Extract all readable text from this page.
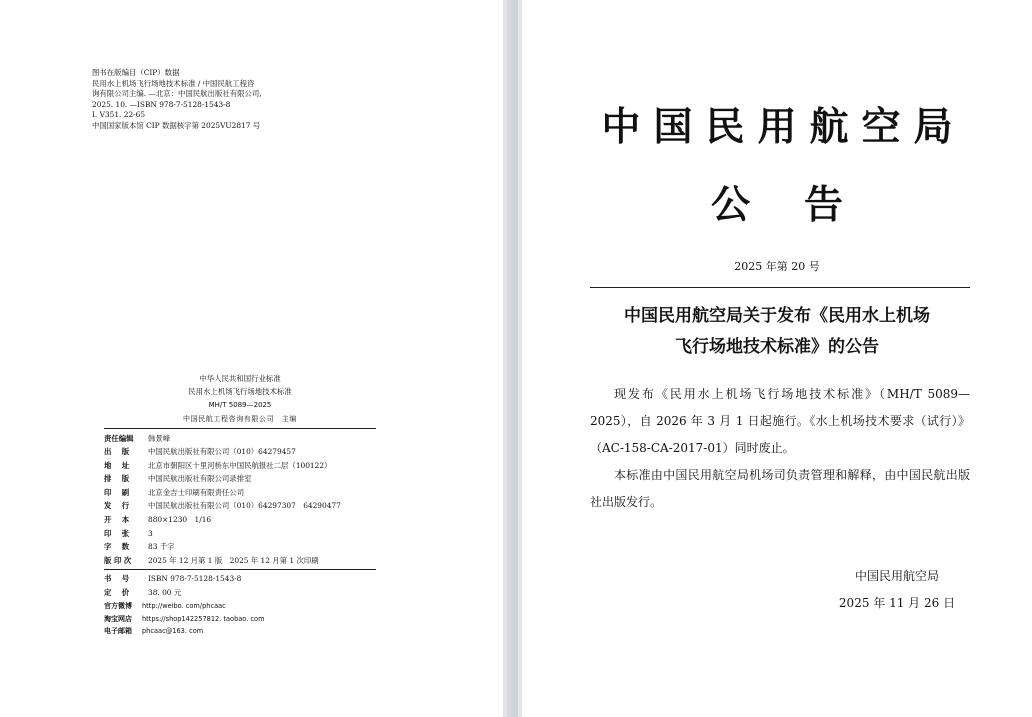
图书在版编目（CIP）数据
民用水上机场飞行场地技术标准 / 中国民航工程咨
询有限公司主编. —北京：中国民航出版社有限公司,
2025. 10. —ISBN 978-7-5128-1543-8
Ⅰ. V351. 22-65
中国国家版本馆 CIP 数据核字第 2025VU2817 号
中华人民共和国行业标准
民用水上机场飞行场地技术标准
MH/T 5089—2025
中国民航工程咨询有限公司　主编
责任编辑	韩景峰
出　版	中国民航出版社有限公司（010）64279457
地　址	北京市朝阳区十里河桥东中国民航报社二层（100122）
排　版	中国民航出版社有限公司录排室
印　刷	北京金吉士印刷有限责任公司
发　行	中国民航出版社有限公司（010）64297307　64290477
开　本	880×1230　1/16
印　张	3
字　数	83 千字
版 印 次	2025 年 12 月第 1 版　2025 年 12 月第 1 次印刷
书　号	ISBN 978-7-5128-1543-8
定　价	38. 00 元
官方微博	http://weibo. com/phcaac
淘宝网店	https://shop142257812. taobao. com
电子邮箱	phcaac@163. com
中国民用航空局
公告
2025 年第 20 号
中国民用航空局关于发布《民用水上机场
飞行场地技术标准》的公告

现发布《民用水上机场飞行场地技术标准》（MH/T 5089—2025），自 2026 年 3 月 1 日起施行。《水上机场技术要求（试行）》（AC-158-CA-2017-01）同时废止。

本标准由中国民用航空局机场司负责管理和解释，由中国民航出版社出版发行。

中国民用航空局
2025 年 11 月 26 日
